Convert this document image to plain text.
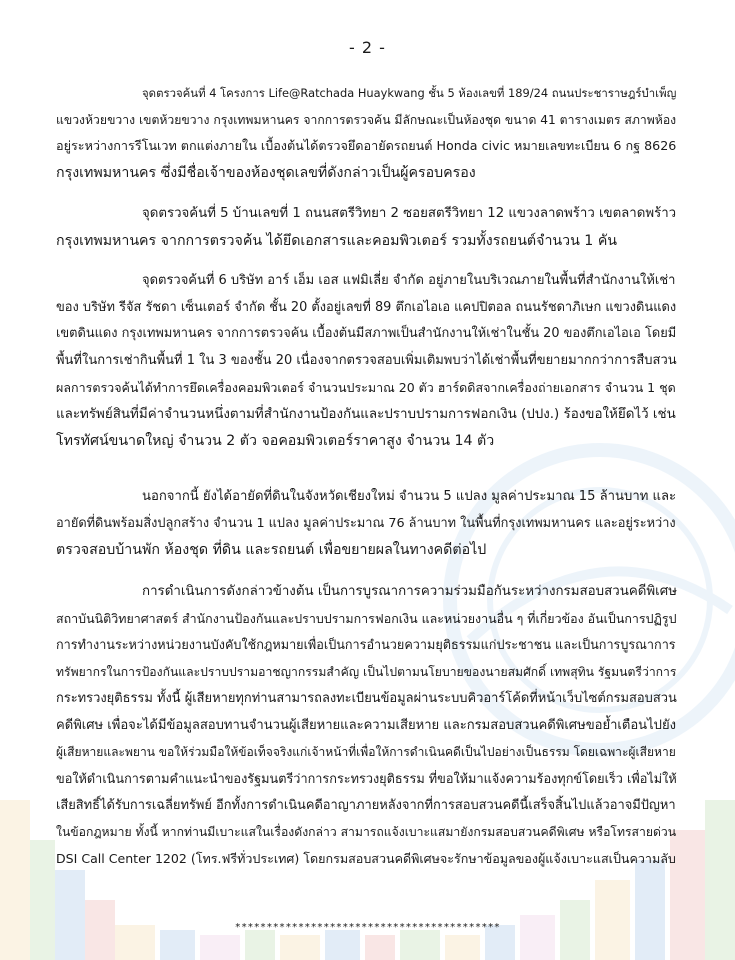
- 2 -

จุดตรวจค้นที่ 4 โครงการ Life@Ratchada Huaykwang ชั้น 5 ห้องเลขที่ 189/24 ถนนประชาราษฎร์บำเพ็ญ
แขวงห้วยขวาง เขตห้วยขวาง กรุงเทพมหานคร จากการตรวจค้น มีลักษณะเป็นห้องชุด ขนาด 41 ตารางเมตร สภาพห้อง
อยู่ระหว่างการรีโนเวท ตกแต่งภายใน เบื้องต้นได้ตรวจยึดอายัดรถยนต์ Honda civic หมายเลขทะเบียน 6 กฐ 8626
กรุงเทพมหานคร ซึ่งมีชื่อเจ้าของห้องชุดเลขที่ดังกล่าวเป็นผู้ครอบครอง

จุดตรวจค้นที่ 5 บ้านเลขที่ 1 ถนนสตรีวิทยา 2 ซอยสตรีวิทยา 12 แขวงลาดพร้าว เขตลาดพร้าว
กรุงเทพมหานคร จากการตรวจค้น ได้ยึดเอกสารและคอมพิวเตอร์ รวมทั้งรถยนต์จำนวน 1 คัน

จุดตรวจค้นที่ 6 บริษัท อาร์ เอ็ม เอส แฟมิเลี่ย จำกัด อยู่ภายในบริเวณภายในพื้นที่สำนักงานให้เช่า
ของ บริษัท รีจัส รัชดา เซ็นเตอร์ จำกัด ชั้น 20 ตั้งอยู่เลขที่ 89 ตึกเอไอเอ แคปปิตอล ถนนรัชดาภิเษก แขวงดินแดง
เขตดินแดง กรุงเทพมหานคร จากการตรวจค้น เบื้องต้นมีสภาพเป็นสำนักงานให้เช่าในชั้น 20 ของตึกเอไอเอ โดยมี
พื้นที่ในการเช่ากินพื้นที่ 1 ใน 3 ของชั้น 20 เนื่องจากตรวจสอบเพิ่มเติมพบว่าได้เช่าพื้นที่ขยายมากกว่าการสืบสวน
ผลการตรวจค้นได้ทำการยึดเครื่องคอมพิวเตอร์ จำนวนประมาณ 20 ตัว ฮาร์ดดิสจากเครื่องถ่ายเอกสาร จำนวน 1 ชุด
และทรัพย์สินที่มีค่าจำนวนหนึ่งตามที่สำนักงานป้องกันและปราบปรามการฟอกเงิน (ปปง.) ร้องขอให้ยึดไว้ เช่น
โทรทัศน์ขนาดใหญ่ จำนวน 2 ตัว จอคอมพิวเตอร์ราคาสูง จำนวน 14 ตัว

นอกจากนี้ ยังได้อายัดที่ดินในจังหวัดเชียงใหม่ จำนวน 5 แปลง มูลค่าประมาณ 15 ล้านบาท และ
อายัดที่ดินพร้อมสิ่งปลูกสร้าง จำนวน 1 แปลง มูลค่าประมาณ 76 ล้านบาท ในพื้นที่กรุงเทพมหานคร และอยู่ระหว่าง
ตรวจสอบบ้านพัก ห้องชุด ที่ดิน และรถยนต์ เพื่อขยายผลในทางคดีต่อไป

การดำเนินการดังกล่าวข้างต้น เป็นการบูรณาการความร่วมมือกันระหว่างกรมสอบสวนคดีพิเศษ
สถาบันนิติวิทยาศาสตร์ สำนักงานป้องกันและปราบปรามการฟอกเงิน และหน่วยงานอื่น ๆ ที่เกี่ยวข้อง อันเป็นการปฏิรูป
การทำงานระหว่างหน่วยงานบังคับใช้กฎหมายเพื่อเป็นการอำนวยความยุติธรรมแก่ประชาชน และเป็นการบูรณาการ
ทรัพยากรในการป้องกันและปราบปรามอาชญากรรมสำคัญ เป็นไปตามนโยบายของนายสมศักดิ์ เทพสุทิน รัฐมนตรีว่าการ
กระทรวงยุติธรรม ทั้งนี้ ผู้เสียหายทุกท่านสามารถลงทะเบียนข้อมูลผ่านระบบคิวอาร์โค้ดที่หน้าเว็บไซต์กรมสอบสวน
คดีพิเศษ เพื่อจะได้มีข้อมูลสอบทานจำนวนผู้เสียหายและความเสียหาย และกรมสอบสวนคดีพิเศษขอย้ำเตือนไปยัง
ผู้เสียหายและพยาน ขอให้ร่วมมือให้ข้อเท็จจริงแก่เจ้าหน้าที่เพื่อให้การดำเนินคดีเป็นไปอย่างเป็นธรรม โดยเฉพาะผู้เสียหาย
ขอให้ดำเนินการตามคำแนะนำของรัฐมนตรีว่าการกระทรวงยุติธรรม ที่ขอให้มาแจ้งความร้องทุกข์โดยเร็ว เพื่อไม่ให้
เสียสิทธิ์ได้รับการเฉลี่ยทรัพย์ อีกทั้งการดำเนินคดีอาญาภายหลังจากที่การสอบสวนคดีนี้เสร็จสิ้นไปแล้วอาจมีปัญหา
ในข้อกฎหมาย ทั้งนี้ หากท่านมีเบาะแสในเรื่องดังกล่าว สามารถแจ้งเบาะแสมายังกรมสอบสวนคดีพิเศษ หรือโทรสายด่วน
DSI Call Center 1202 (โทร.ฟรีทั่วประเทศ) โดยกรมสอบสวนคดีพิเศษจะรักษาข้อมูลของผู้แจ้งเบาะแสเป็นความลับ

******************************************
